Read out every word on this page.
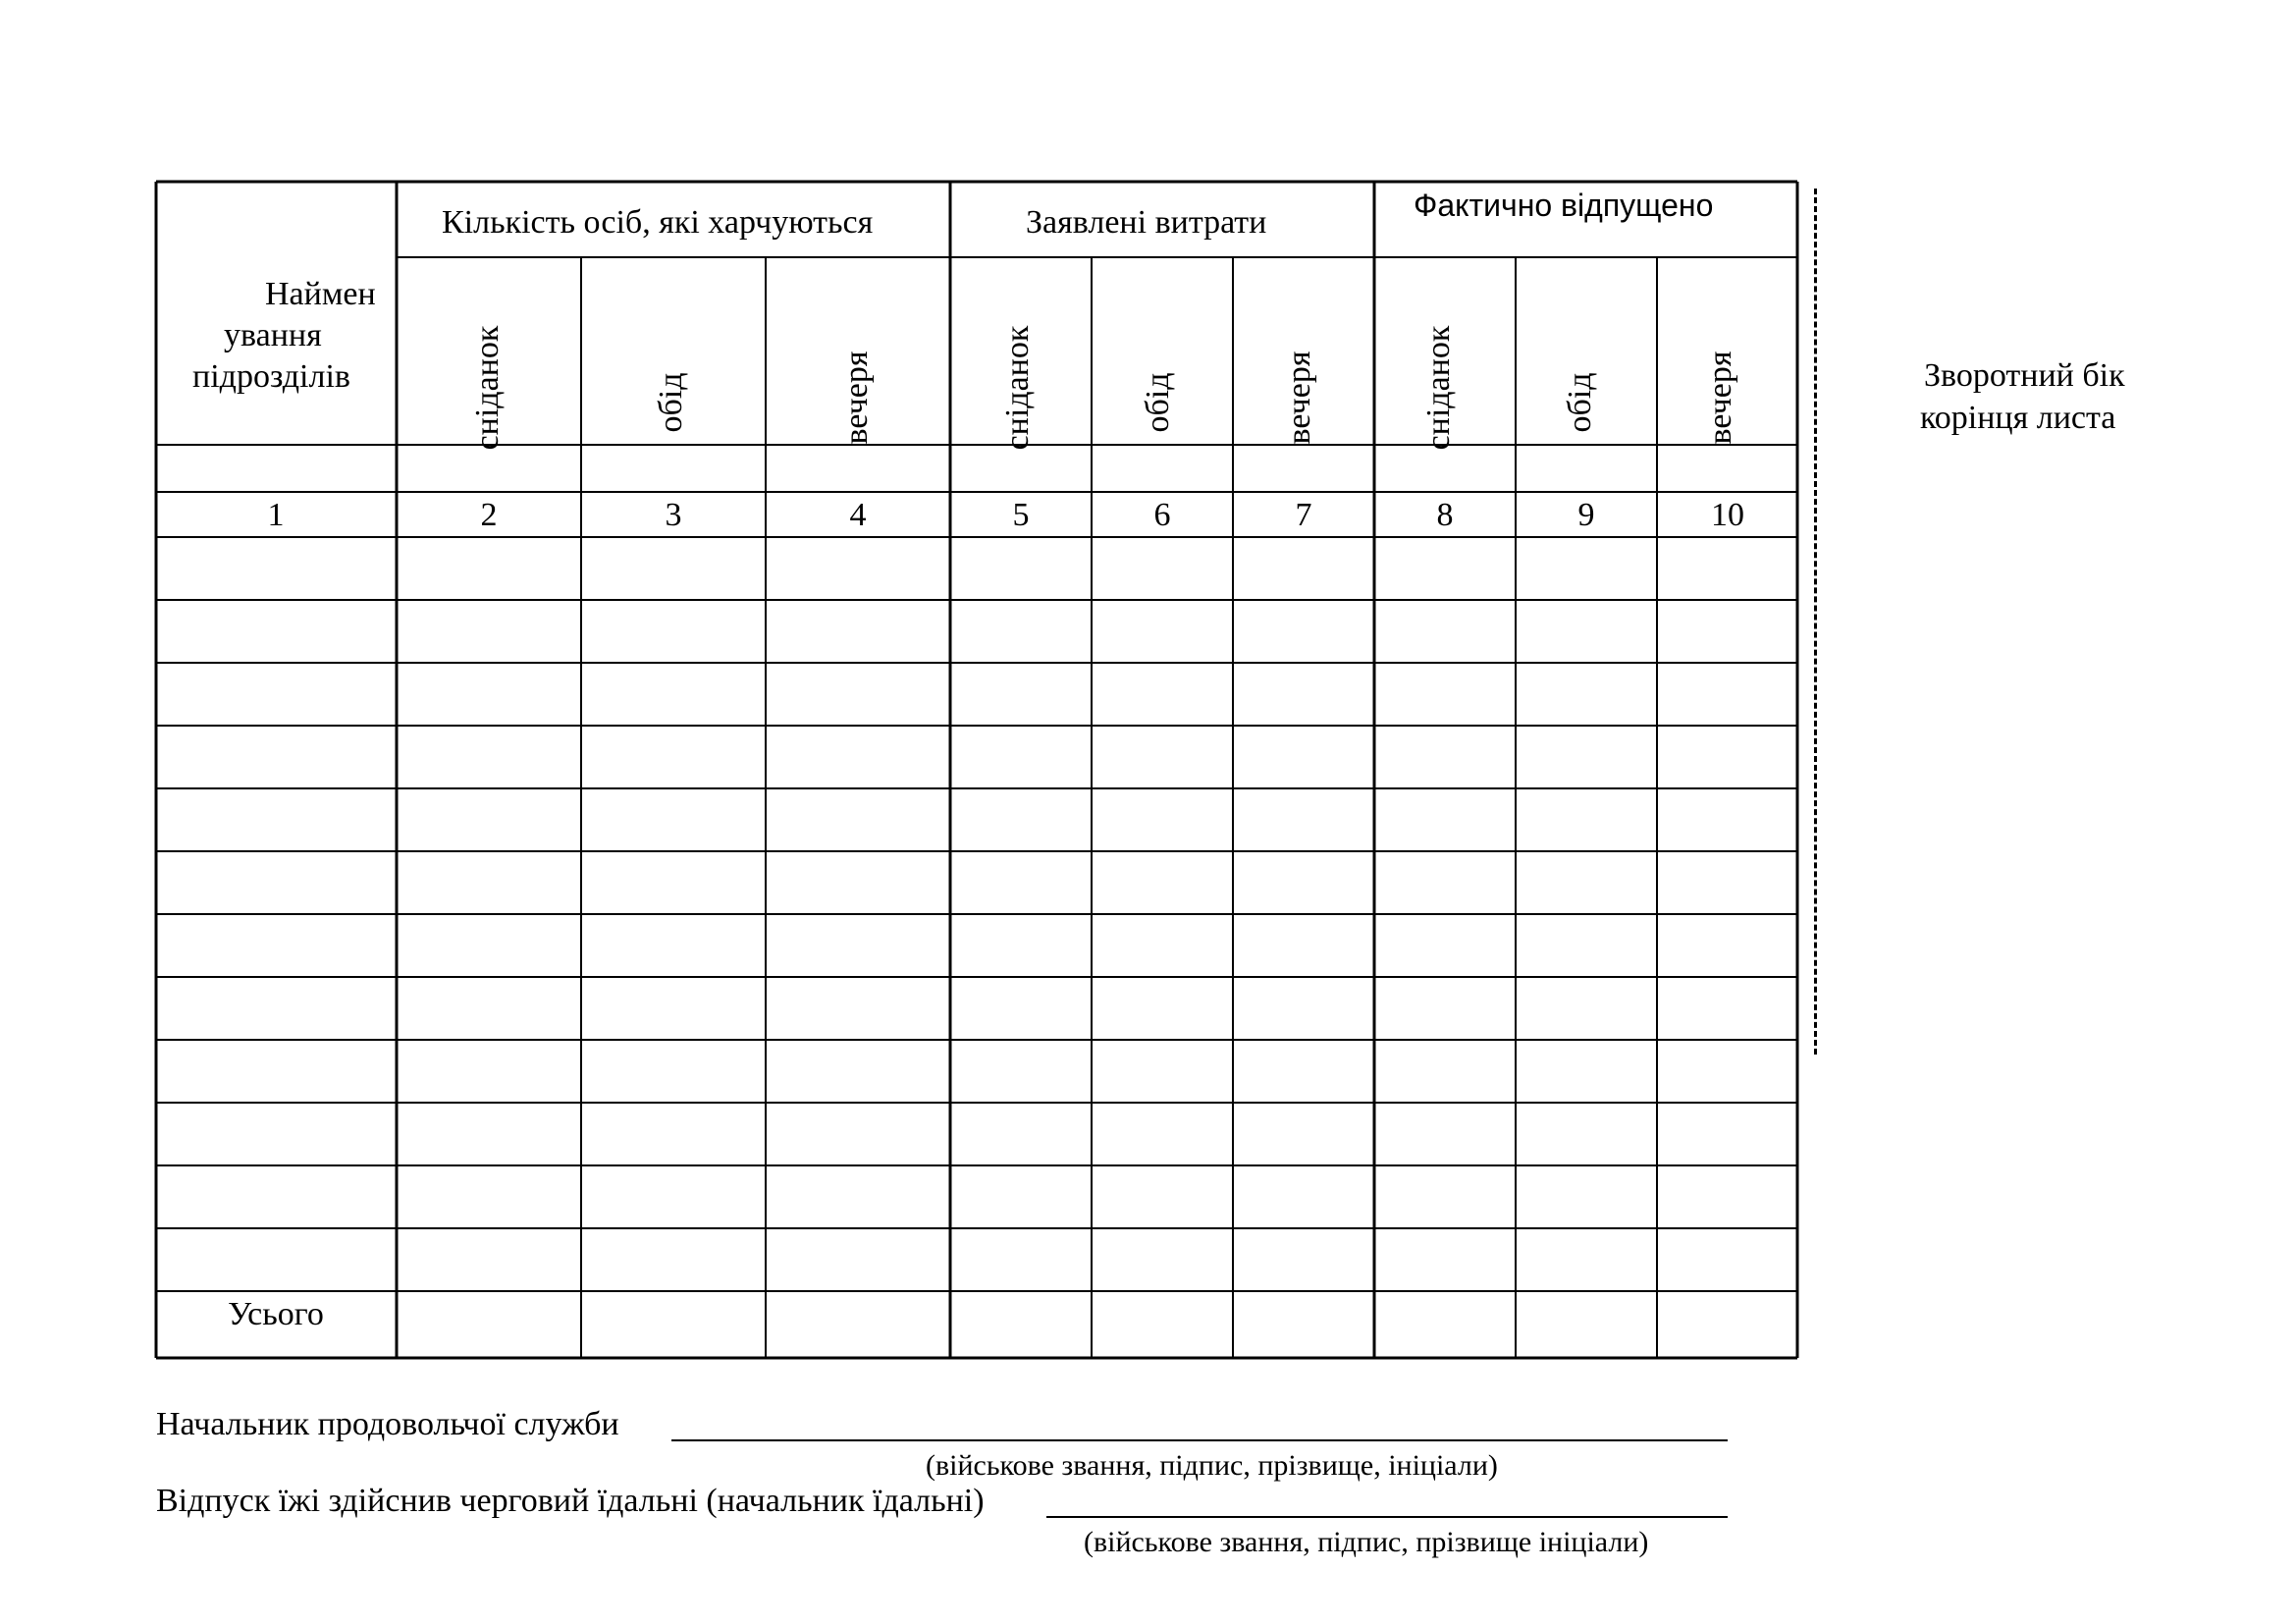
Наймен
ування
підрозділів
Кількість осіб, які харчуються	Заявлені витрати	Фактично відпущено
сніданок	обід	вечеря	сніданок	обід	вечеря	сніданок	обід	вечеря
1	2	3	4	5	6	7	8	9	10
Усього
Зворотний бік
корінця листа
Начальник продовольчої служби
(військове звання, підпис, прізвище, ініціали)
Відпуск їжі здійснив черговий їдальні (начальник їдальні)
(військове звання, підпис, прізвище ініціали)
